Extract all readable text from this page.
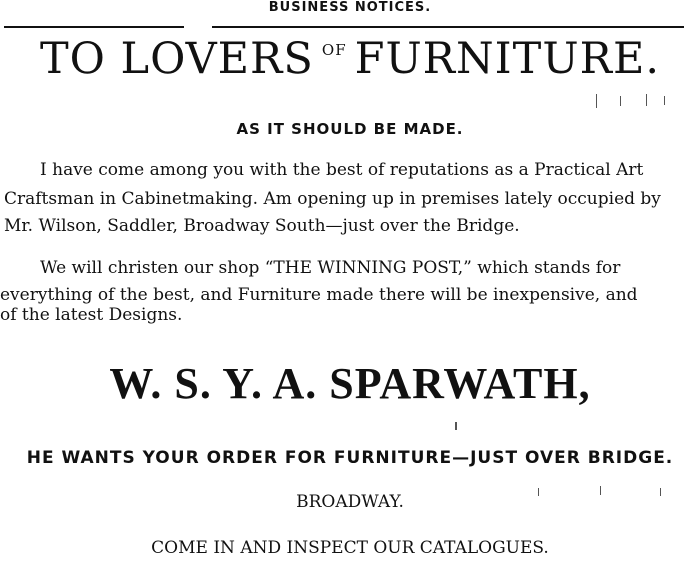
BUSINESS NOTICES.
TO LOVERS $^{OF}$ FURNITURE.
AS IT SHOULD BE MADE.
I have come among you with the best of reputations as a Practical Art
Craftsman in Cabinetmaking. Am opening up in premises lately occupied by
Mr. Wilson, Saddler, Broadway South—just over the Bridge.
We will christen our shop “THE WINNING POST,” which stands for
everything of the best, and Furniture made there will be inexpensive, and
of the latest Designs.
W. S. Y. A. SPARWATH,
HE WANTS YOUR ORDER FOR FURNITURE—JUST OVER BRIDGE.
BROADWAY.
COME IN AND INSPECT OUR CATALOGUES.
